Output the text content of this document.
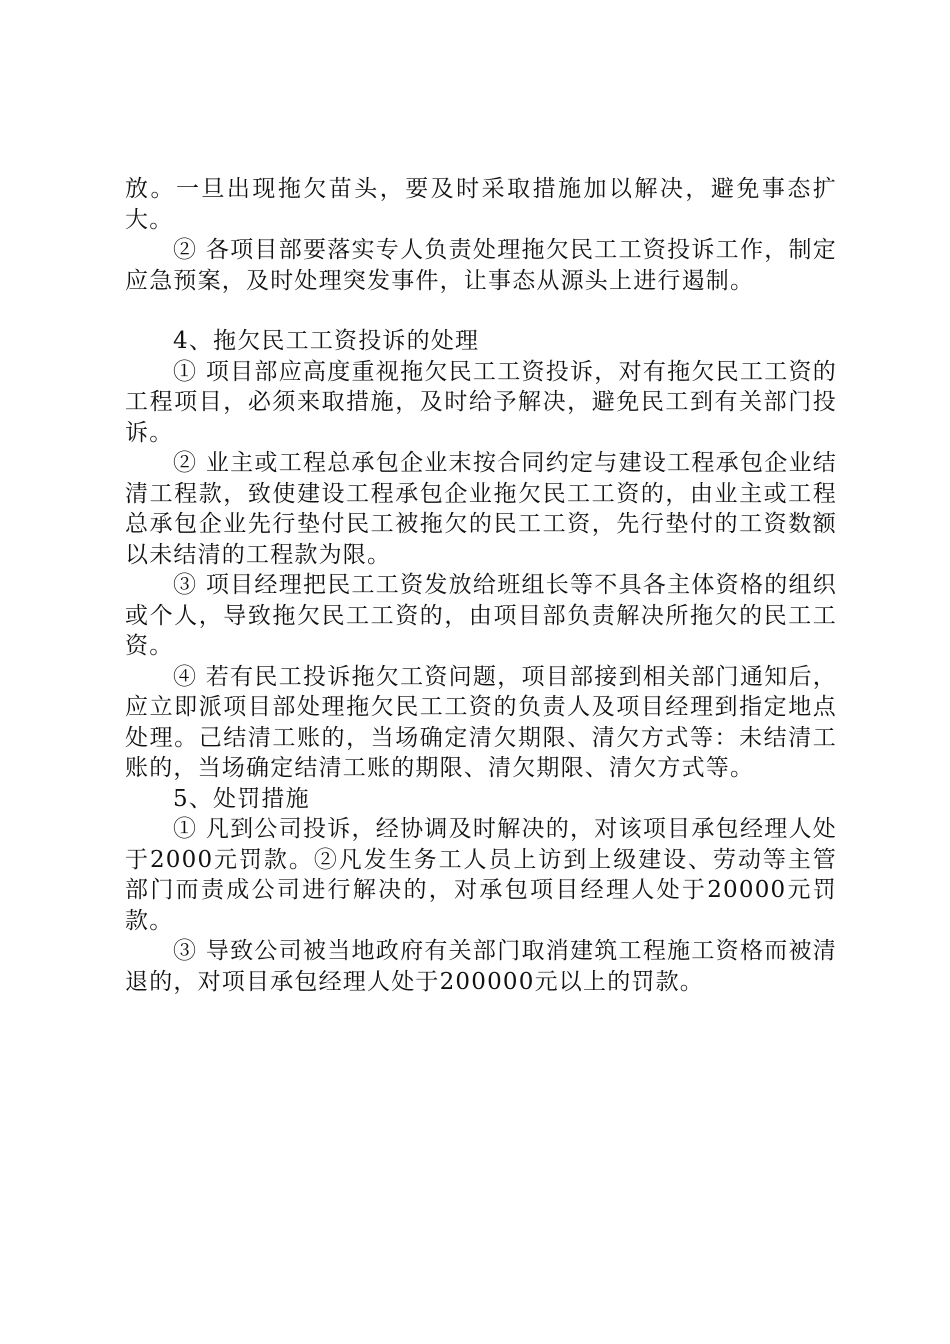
放。一旦出现拖欠苗头，要及时采取措施加以解决，避免事态扩大。

② 各项目部要落实专人负责处理拖欠民工工资投诉工作，制定应急预案，及时处理突发事件，让事态从源头上进行遏制。

4、拖欠民工工资投诉的处理

① 项目部应高度重视拖欠民工工资投诉，对有拖欠民工工资的工程项目，必须来取措施，及时给予解决，避免民工到有关部门投诉。

② 业主或工程总承包企业末按合同约定与建设工程承包企业结清工程款，致使建设工程承包企业拖欠民工工资的，由业主或工程总承包企业先行垫付民工被拖欠的民工工资，先行垫付的工资数额以未结清的工程款为限。

③ 项目经理把民工工资发放给班组长等不具各主体资格的组织或个人，导致拖欠民工工资的，由项目部负责解决所拖欠的民工工资。

④ 若有民工投诉拖欠工资问题，项目部接到相关部门通知后，应立即派项目部处理拖欠民工工资的负责人及项目经理到指定地点处理。己结清工账的，当场确定清欠期限、清欠方式等：未结清工账的，当场确定结清工账的期限、清欠期限、清欠方式等。

5、处罚措施

① 凡到公司投诉，经协调及时解决的，对该项目承包经理人处于2000元罚款。②凡发生务工人员上访到上级建设、劳动等主管部门而责成公司进行解决的，对承包项目经理人处于20000元罚款。

③ 导致公司被当地政府有关部门取消建筑工程施工资格而被清退的，对项目承包经理人处于200000元以上的罚款。
